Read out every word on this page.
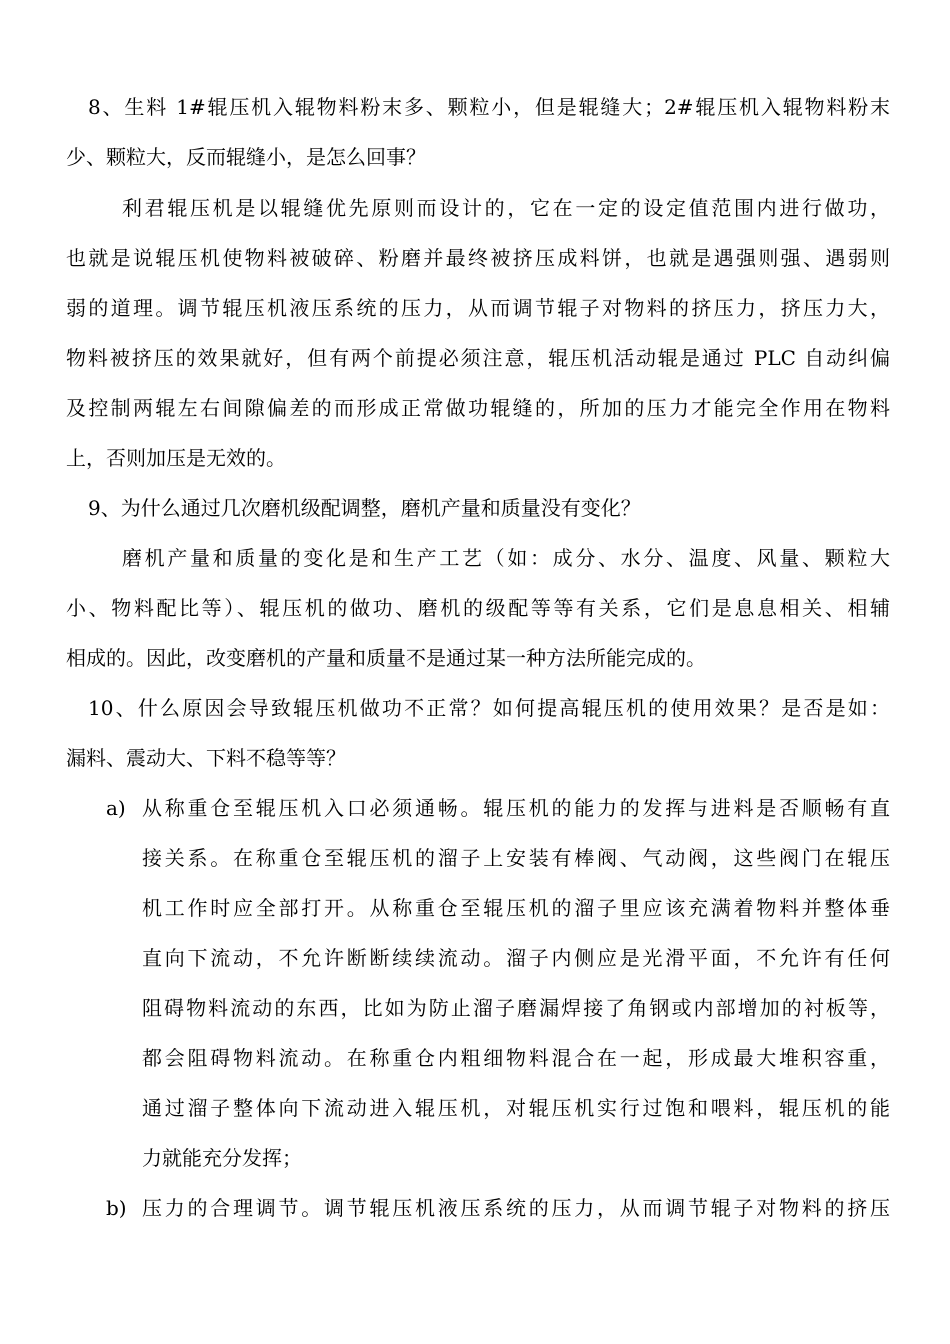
8、生料 1#辊压机入辊物料粉末多、颗粒小，但是辊缝大；2#辊压机入辊物料粉末
少、颗粒大，反而辊缝小，是怎么回事？
利君辊压机是以辊缝优先原则而设计的，它在一定的设定值范围内进行做功，
也就是说辊压机使物料被破碎、粉磨并最终被挤压成料饼，也就是遇强则强、遇弱则
弱的道理。调节辊压机液压系统的压力，从而调节辊子对物料的挤压力，挤压力大，
物料被挤压的效果就好，但有两个前提必须注意，辊压机活动辊是通过 PLC 自动纠偏
及控制两辊左右间隙偏差的而形成正常做功辊缝的，所加的压力才能完全作用在物料
上，否则加压是无效的。
9、为什么通过几次磨机级配调整，磨机产量和质量没有变化？
磨机产量和质量的变化是和生产工艺（如：成分、水分、温度、风量、颗粒大
小、物料配比等）、辊压机的做功、磨机的级配等等有关系，它们是息息相关、相辅
相成的。因此，改变磨机的产量和质量不是通过某一种方法所能完成的。
10、什么原因会导致辊压机做功不正常？如何提高辊压机的使用效果？是否是如：
漏料、震动大、下料不稳等等？
a) 从称重仓至辊压机入口必须通畅。辊压机的能力的发挥与进料是否顺畅有直
接关系。在称重仓至辊压机的溜子上安装有棒阀、气动阀，这些阀门在辊压
机工作时应全部打开。从称重仓至辊压机的溜子里应该充满着物料并整体垂
直向下流动，不允许断断续续流动。溜子内侧应是光滑平面，不允许有任何
阻碍物料流动的东西，比如为防止溜子磨漏焊接了角钢或内部增加的衬板等，
都会阻碍物料流动。在称重仓内粗细物料混合在一起，形成最大堆积容重，
通过溜子整体向下流动进入辊压机，对辊压机实行过饱和喂料，辊压机的能
力就能充分发挥；
b) 压力的合理调节。调节辊压机液压系统的压力，从而调节辊子对物料的挤压
